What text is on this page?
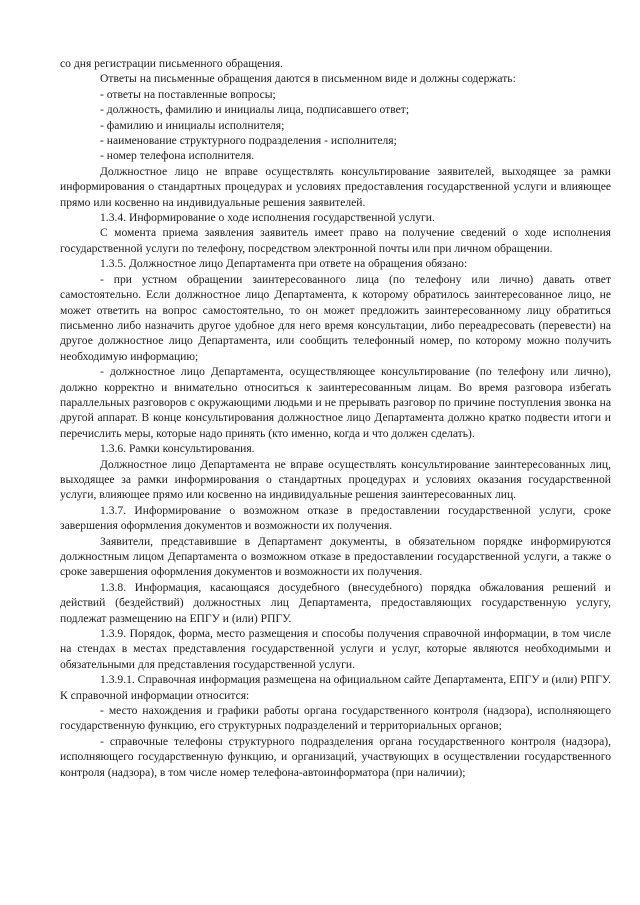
со дня регистрации письменного обращения.

Ответы на письменные обращения даются в письменном виде и должны содержать:

- ответы на поставленные вопросы;

- должность, фамилию и инициалы лица, подписавшего ответ;

- фамилию и инициалы исполнителя;

- наименование структурного подразделения - исполнителя;

- номер телефона исполнителя.

Должностное лицо не вправе осуществлять консультирование заявителей, выходящее за рамки информирования о стандартных процедурах и условиях предоставления государственной услуги и влияющее прямо или косвенно на индивидуальные решения заявителей.

1.3.4. Информирование о ходе исполнения государственной услуги.

С момента приема заявления заявитель имеет право на получение сведений о ходе исполнения государственной услуги по телефону, посредством электронной почты или при личном обращении.

1.3.5. Должностное лицо Департамента при ответе на обращения обязано:

- при устном обращении заинтересованного лица (по телефону или лично) давать ответ самостоятельно. Если должностное лицо Департамента, к которому обратилось заинтересованное лицо, не может ответить на вопрос самостоятельно, то он может предложить заинтересованному лицу обратиться письменно либо назначить другое удобное для него время консультации, либо переадресовать (перевести) на другое должностное лицо Департамента, или сообщить телефонный номер, по которому можно получить необходимую информацию;

- должностное лицо Департамента, осуществляющее консультирование (по телефону или лично), должно корректно и внимательно относиться к заинтересованным лицам. Во время разговора избегать параллельных разговоров с окружающими людьми и не прерывать разговор по причине поступления звонка на другой аппарат. В конце консультирования должностное лицо Департамента должно кратко подвести итоги и перечислить меры, которые надо принять (кто именно, когда и что должен сделать).

1.3.6. Рамки консультирования.

Должностное лицо Департамента не вправе осуществлять консультирование заинтересованных лиц, выходящее за рамки информирования о стандартных процедурах и условиях оказания государственной услуги, влияющее прямо или косвенно на индивидуальные решения заинтересованных лиц.

1.3.7. Информирование о возможном отказе в предоставлении государственной услуги, сроке завершения оформления документов и возможности их получения.

Заявители, представившие в Департамент документы, в обязательном порядке информируются должностным лицом Департамента о возможном отказе в предоставлении государственной услуги, а также о сроке завершения оформления документов и возможности их получения.

1.3.8. Информация, касающаяся досудебного (внесудебного) порядка обжалования решений и действий (бездействий) должностных лиц Департамента, предоставляющих государственную услугу, подлежат размещению на ЕПГУ и (или) РПГУ.

1.3.9. Порядок, форма, место размещения и способы получения справочной информации, в том числе на стендах в местах представления государственной услуги и услуг, которые являются необходимыми и обязательными для представления государственной услуги.

1.3.9.1. Справочная информация размещена на официальном сайте Департамента, ЕПГУ и (или) РПГУ. К справочной информации относится:

- место нахождения и графики работы органа государственного контроля (надзора), исполняющего государственную функцию, его структурных подразделений и территориальных органов;

- справочные телефоны структурного подразделения органа государственного контроля (надзора), исполняющего государственную функцию, и организаций, участвующих в осуществлении государственного контроля (надзора), в том числе номер телефона-автоинформатора (при наличии);
